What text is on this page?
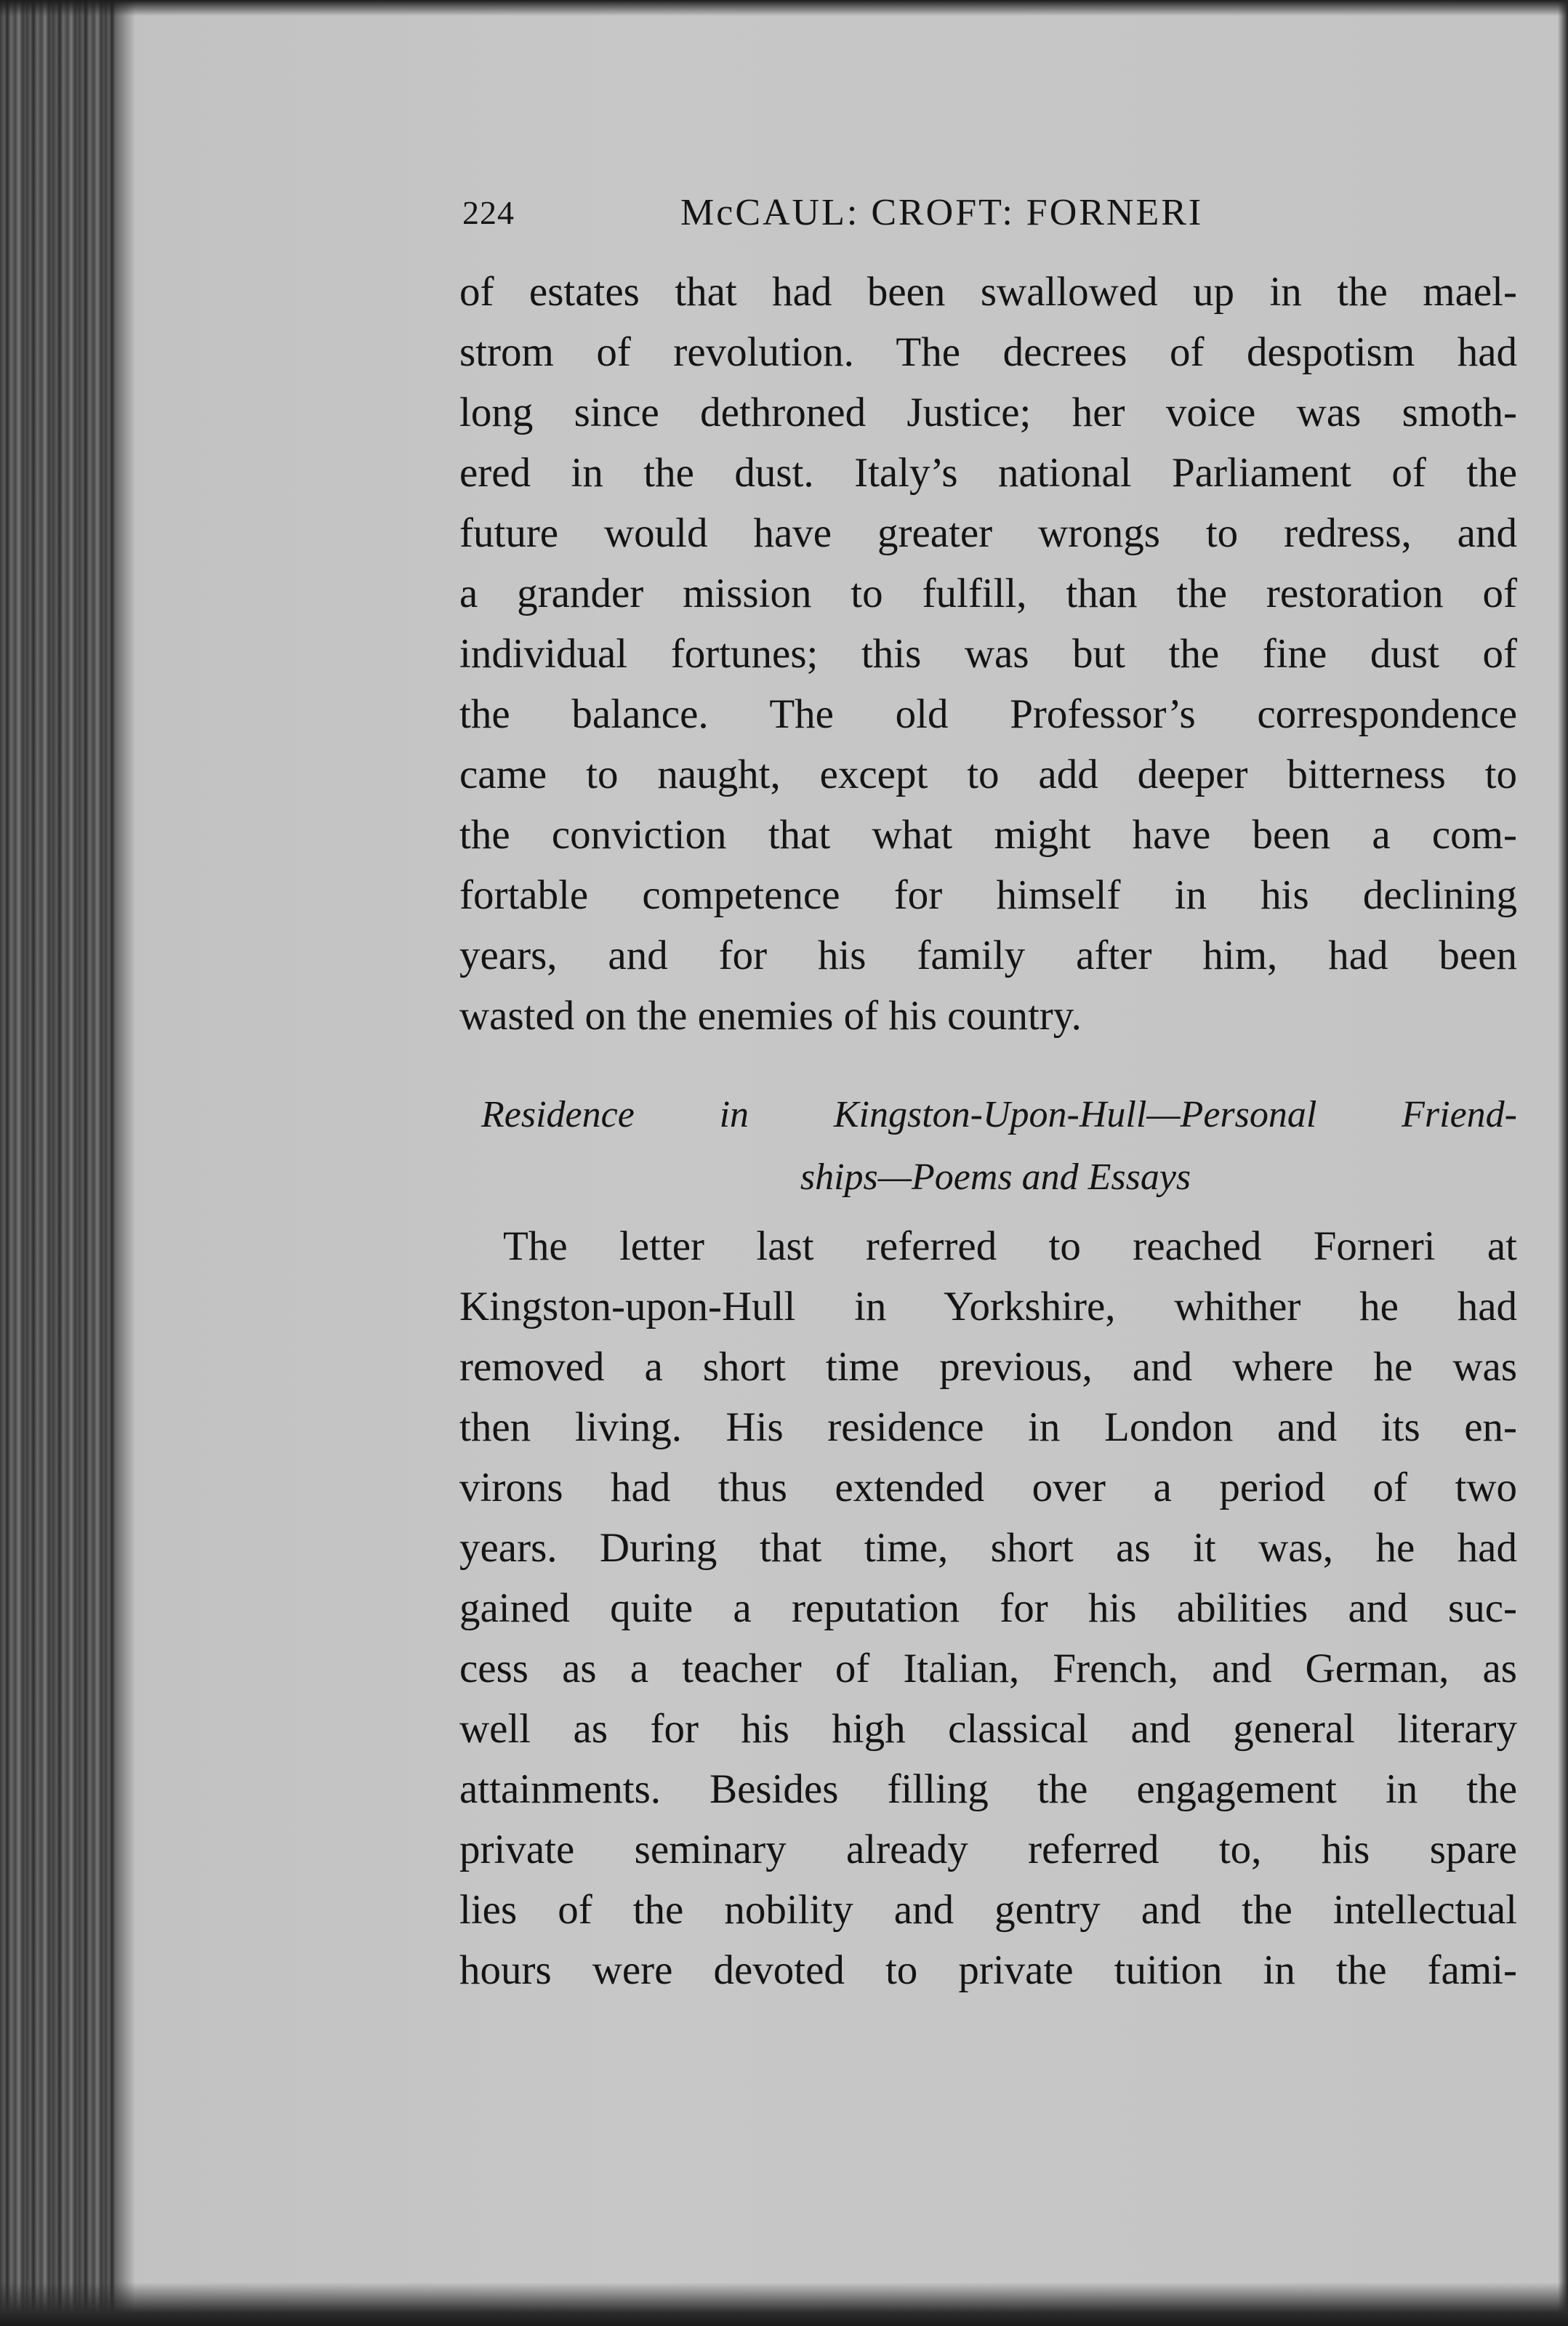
224	McCAUL: CROFT: FORNERI
of estates that had been swallowed up in the mael-
strom of revolution. The decrees of despotism had
long since dethroned Justice; her voice was smoth-
ered in the dust. Italy’s national Parliament of the
future would have greater wrongs to redress, and
a grander mission to fulfill, than the restoration of
individual fortunes; this was but the fine dust of
the balance. The old Professor’s correspondence
came to naught, except to add deeper bitterness to
the conviction that what might have been a com-
fortable competence for himself in his declining
years, and for his family after him, had been
wasted on the enemies of his country.
Residence in Kingston-Upon-Hull—Personal Friend-
ships—Poems and Essays
The letter last referred to reached Forneri at
Kingston-upon-Hull in Yorkshire, whither he had
removed a short time previous, and where he was
then living. His residence in London and its en-
virons had thus extended over a period of two
years. During that time, short as it was, he had
gained quite a reputation for his abilities and suc-
cess as a teacher of Italian, French, and German, as
well as for his high classical and general literary
attainments. Besides filling the engagement in the
private seminary already referred to, his spare
lies of the nobility and gentry and the intellectual
hours were devoted to private tuition in the fami-
